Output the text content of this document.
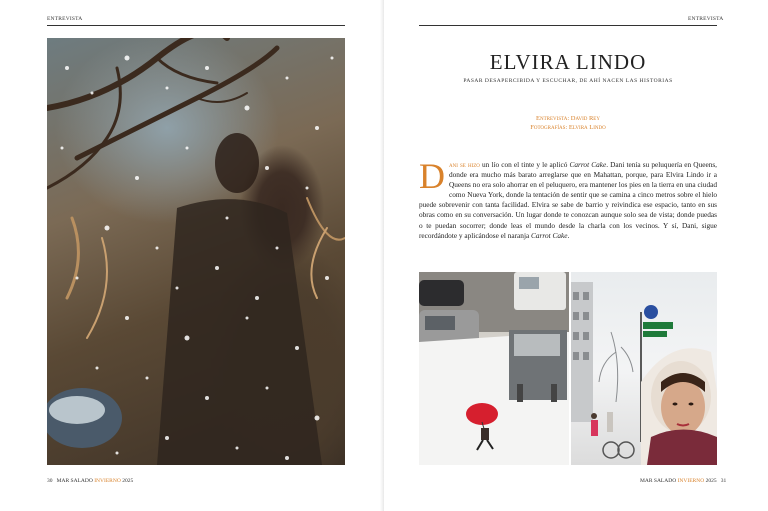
ENTREVISTA
30 MAR SALADO INVIERNO 2025
ENTREVISTA
ELVIRA LINDO
PASAR DESAPERCIBIDA Y ESCUCHAR, DE AHÍ NACEN LAS HISTORIAS
Entrevista: David Rey
Fotografías: Elvira Lindo
Dani se hizo un lío con el tinte y le aplicó Carrot Cake. Dani tenía su peluquería en Queens, donde era mucho más barato arreglarse que en Mahattan, porque, para Elvira Lindo ir a Queens no era solo ahorrar en el peluquero, era mantener los pies en la tierra en una ciudad como Nueva York, donde la tentación de sentir que se camina a cinco metros sobre el hielo puede sobrevenir con tanta facilidad. Elvira se sabe de barrio y reivindica ese espacio, tanto en sus obras como en su conversación. Un lugar donde te conozcan aunque solo sea de vista; donde puedas o te puedan socorrer; donde leas el mundo desde la charla con los vecinos. Y sí, Dani, sigue recordándote y aplicándose el naranja Carrot Cake.
MAR SALADO INVIERNO 2025 31
